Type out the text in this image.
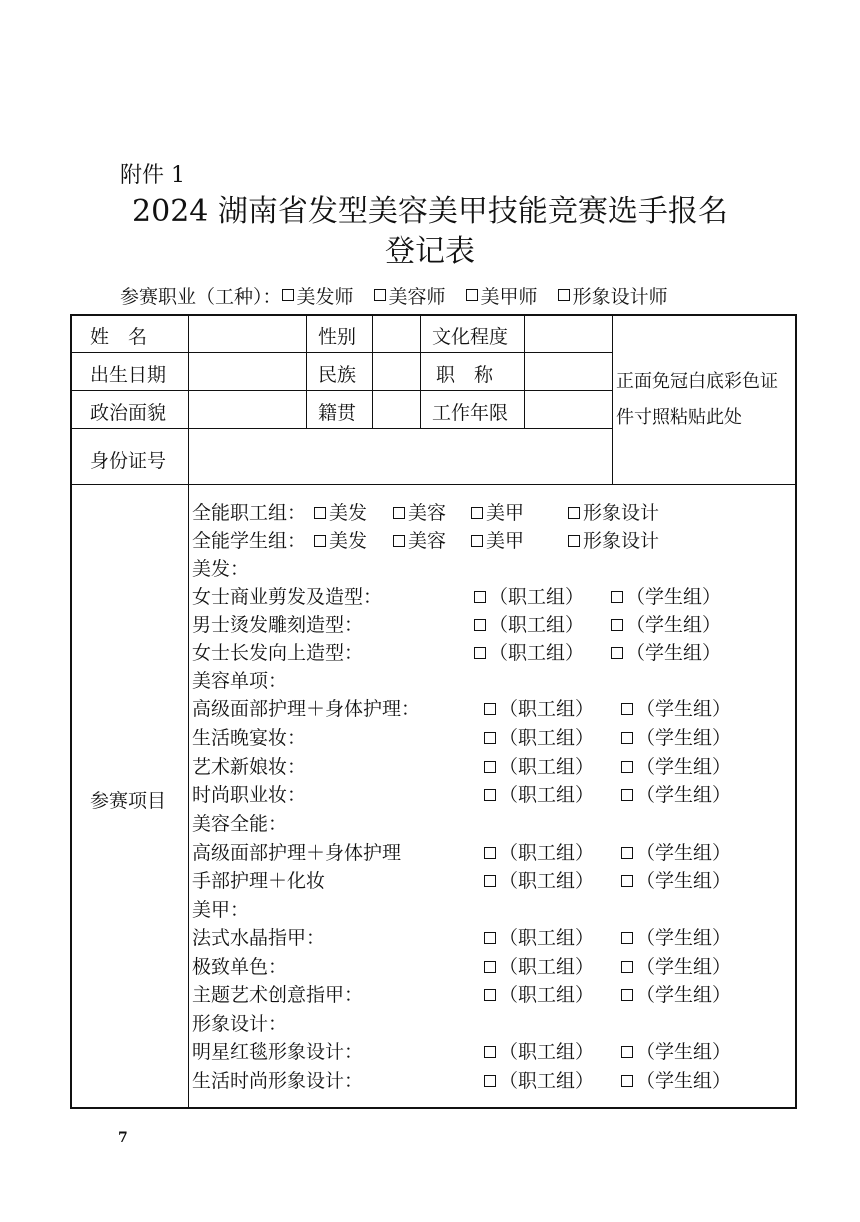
附件 1
2024 湖南省发型美容美甲技能竞赛选手报名
登记表
参赛职业（工种）： 美发师 美容师 美甲师 形象设计师
姓　名	性别	文化程度
出生日期	民族	职　称
政治面貌	籍贯	工作年限
身份证号
正面免冠白底彩色证件寸照粘贴此处
参赛项目
全能职工组：	美发	美容	美甲	形象设计
全能学生组：	美发	美容	美甲	形象设计
美发：
女士商业剪发及造型：	（职工组）	（学生组）
男士烫发雕刻造型：	（职工组）	（学生组）
女士长发向上造型：	（职工组）	（学生组）
美容单项：
高级面部护理＋身体护理：	（职工组）	（学生组）
生活晚宴妆：	（职工组）	（学生组）
艺术新娘妆：	（职工组）	（学生组）
时尚职业妆：	（职工组）	（学生组）
美容全能：
高级面部护理＋身体护理	（职工组）	（学生组）
手部护理＋化妆	（职工组）	（学生组）
美甲：
法式水晶指甲：	（职工组）	（学生组）
极致单色：	（职工组）	（学生组）
主题艺术创意指甲：	（职工组）	（学生组）
形象设计：
明星红毯形象设计：	（职工组）	（学生组）
生活时尚形象设计：	（职工组）	（学生组）
7
